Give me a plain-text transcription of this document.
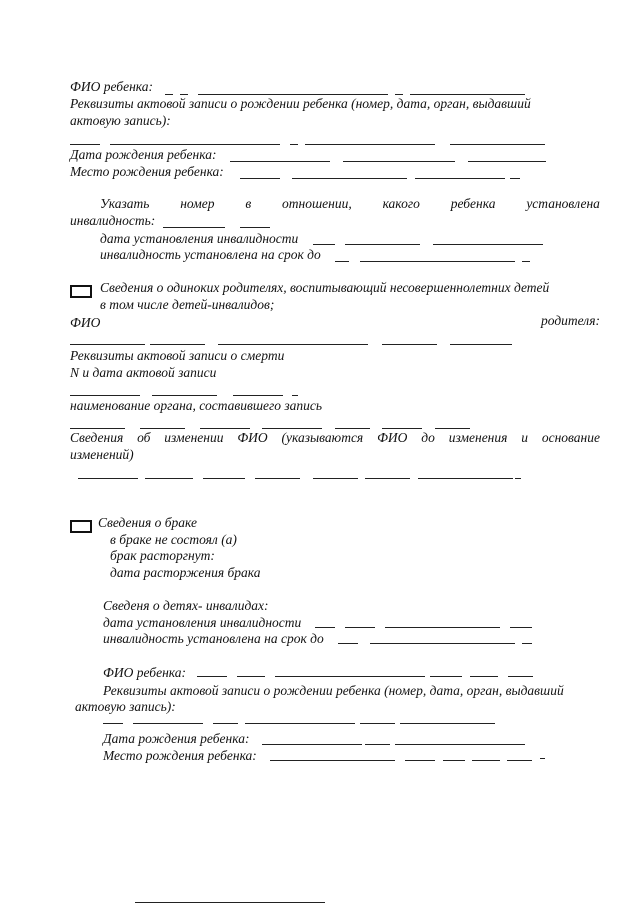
ФИО ребенка:
Реквизиты актовой записи о рождении ребенка (номер, дата, орган, выдавший
актовую запись):
Дата рождения ребенка:
Место рождения ребенка:
Указать номер в отношении, какого ребенка установлена
инвалидность:
дата установления инвалидности
инвалидность установлена на срок до
Сведения о одиноких родителях, воспитывающий несовершеннолетних детей
в том числе детей-инвалидов;
ФИО	родителя:
Реквизиты актовой записи о смерти
N и дата актовой записи
наименование органа, составившего запись
Сведения об изменении ФИО (указываются ФИО до изменения и основание
изменений)
Сведения о браке
в браке не состоял (а)
брак расторгнут:
дата расторжения брака
Сведеня о детях- инвалидах:
дата установления инвалидности
инвалидность установлена на срок до
ФИО ребенка:
Реквизиты актовой записи о рождении ребенка (номер, дата, орган, выдавший
актовую запись):
Дата рождения ребенка:
Место рождения ребенка:
